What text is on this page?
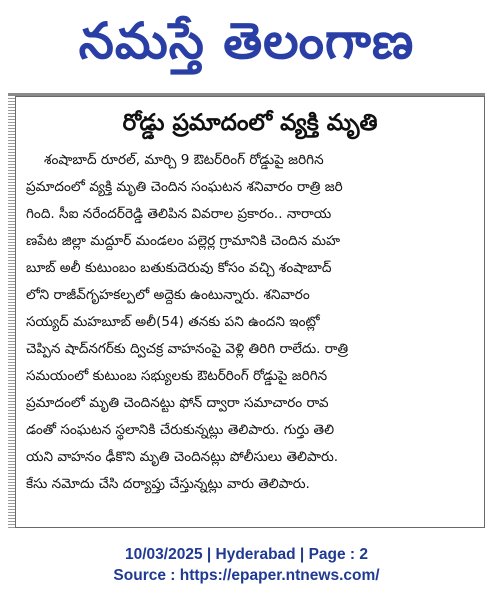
నమస్తే తెలంగాణ
రోడ్డు ప్రమాదంలో వ్యక్తి మృతి
శంషాబాద్ రూరల్, మార్చి 9 ఔటర్‌రింగ్ రోడ్డుపై జరిగిన
ప్రమాదంలో వ్యక్తి మృతి చెందిన సంఘటన శనివారం రాత్రి జరి
గింది. సీఐ నరేందర్‌రెడ్డి తెలిపిన వివరాల ప్రకారం.. నారాయ
ణపేట జిల్లా మద్దూర్ మండలం పల్లెర్ల గ్రామానికి చెందిన మహ
బూబ్ అలీ కుటుంబం బతుకుదెరువు కోసం వచ్చి శంషాబాద్
లోని రాజీవ్‌గృహకల్పలో అద్దెకు ఉంటున్నారు. శనివారం
సయ్యద్ మహబూబ్ అలీ(54) తనకు పని ఉందని ఇంట్లో
చెప్పిన షాద్‌నగర్‌కు ద్విచక్ర వాహనంపై వెళ్లి తిరిగి రాలేదు. రాత్రి
సమయంలో కుటుంబ సభ్యులకు ఔటర్‌రింగ్ రోడ్డుపై జరిగిన
ప్రమాదంలో మృతి చెందినట్టు ఫోన్ ద్వారా సమాచారం రావ
డంతో సంఘటన స్థలానికి చేరుకున్నట్లు తెలిపారు. గుర్తు తెలి
యని వాహనం ఢీకొని మృతి చెందినట్లు పోలీసులు తెలిపారు.
కేసు నమోదు చేసి దర్యాప్తు చేస్తున్నట్లు వారు తెలిపారు.
10/03/2025 | Hyderabad | Page : 2
Source : https://epaper.ntnews.com/
